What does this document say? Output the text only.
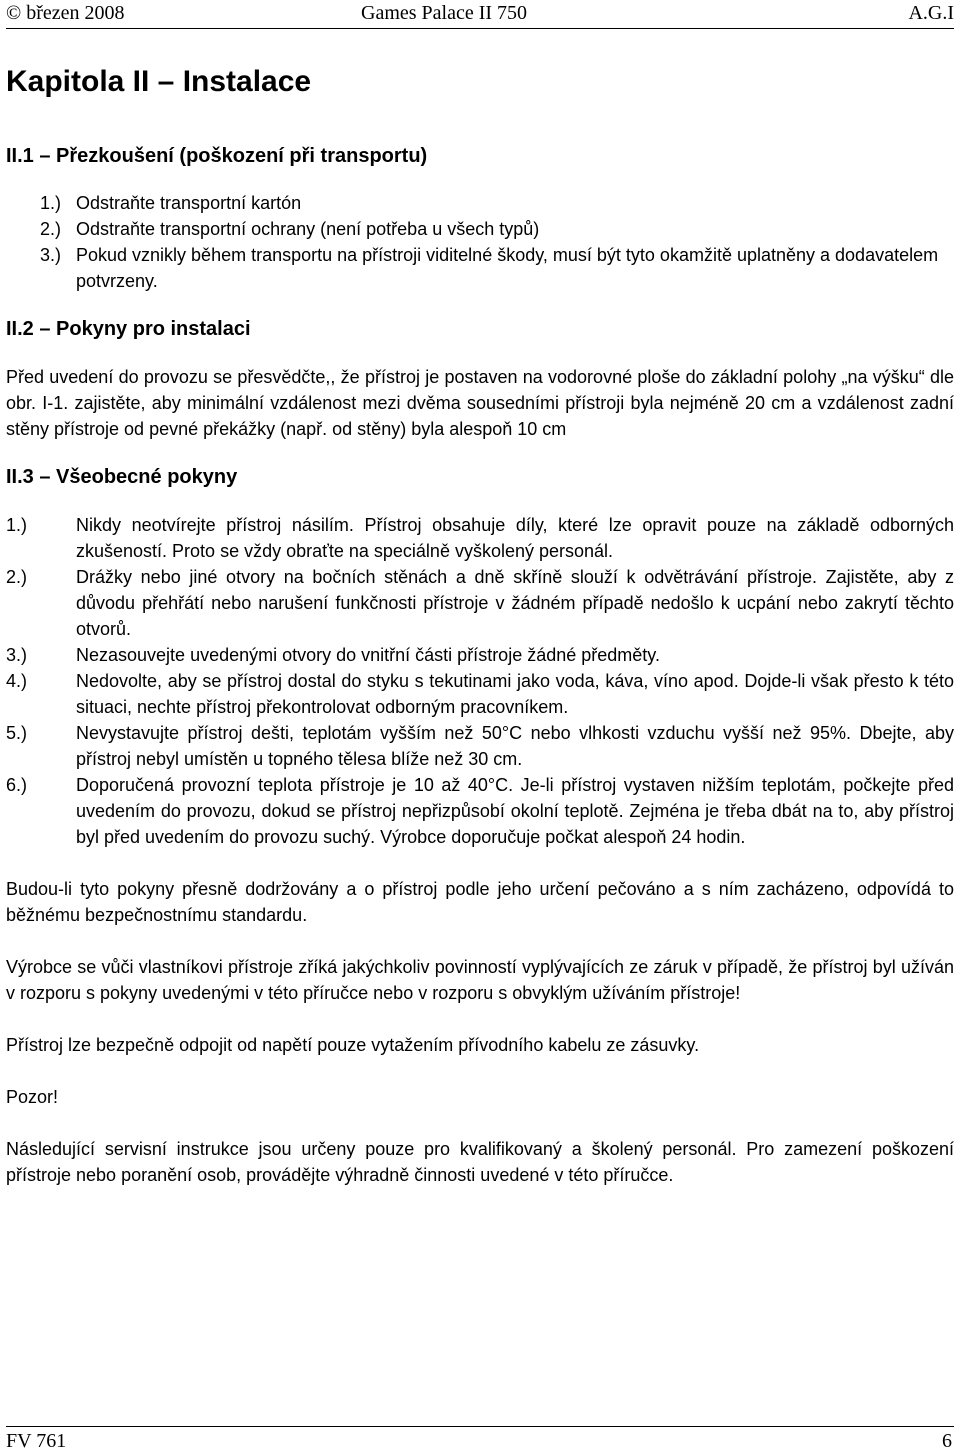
© březen 2008	Games Palace II 750	A.G.I
Kapitola II – Instalace
II.1 – Přezkoušení (poškození při transportu)
1.) Odstraňte transportní kartón
2.) Odstraňte transportní ochrany (není potřeba u všech typů)
3.) Pokud vznikly během transportu na přístroji viditelné škody, musí být tyto okamžitě uplatněny a dodavatelem potvrzeny.
II.2 – Pokyny pro instalaci

Před uvedení do provozu se přesvědčte,, že přístroj je postaven na vodorovné ploše do základní polohy „na výšku“ dle obr. I-1. zajistěte, aby minimální vzdálenost mezi dvěma sousedními přístroji byla nejméně 20 cm a vzdálenost zadní stěny přístroje od pevné překážky (např. od stěny) byla alespoň 10 cm

II.3 – Všeobecné pokyny
1.)	Nikdy neotvírejte přístroj násilím. Přístroj obsahuje díly, které lze opravit pouze na základě odborných zkušeností. Proto se vždy obraťte na speciálně vyškolený personál.
2.)	Drážky nebo jiné otvory na bočních stěnách a dně skříně slouží k odvětrávání přístroje. Zajistěte, aby z důvodu přehřátí nebo narušení funkčnosti přístroje v žádném případě nedošlo k ucpání nebo zakrytí těchto otvorů.
3.)	Nezasouvejte uvedenými otvory do vnitřní části přístroje žádné předměty.
4.)	Nedovolte, aby se přístroj dostal do styku s tekutinami jako voda, káva, víno apod. Dojde-li však přesto k této situaci, nechte přístroj překontrolovat odborným pracovníkem.
5.)	Nevystavujte přístroj dešti, teplotám vyšším než 50°C nebo vlhkosti vzduchu vyšší než 95%. Dbejte, aby přístroj nebyl umístěn u topného tělesa blíže než 30 cm.
6.)	Doporučená provozní teplota přístroje je 10 až 40°C. Je-li přístroj vystaven nižším teplotám, počkejte před uvedením do provozu, dokud se přístroj nepřizpůsobí okolní teplotě. Zejména je třeba dbát na to, aby přístroj byl před uvedením do provozu suchý. Výrobce doporučuje počkat alespoň 24 hodin.

Budou-li tyto pokyny přesně dodržovány a o přístroj podle jeho určení pečováno a s ním zacházeno, odpovídá to běžnému bezpečnostnímu standardu.

Výrobce se vůči vlastníkovi přístroje zříká jakýchkoliv povinností vyplývajících ze záruk v případě, že přístroj byl užíván v rozporu s pokyny uvedenými v této příručce nebo v rozporu s obvyklým užíváním přístroje!

Přístroj lze bezpečně odpojit od napětí pouze vytažením přívodního kabelu ze zásuvky.

Pozor!

Následující servisní instrukce jsou určeny pouze pro kvalifikovaný a školený personál. Pro zamezení poškození přístroje nebo poranění osob, provádějte výhradně činnosti uvedené v této příručce.

FV 761	6
